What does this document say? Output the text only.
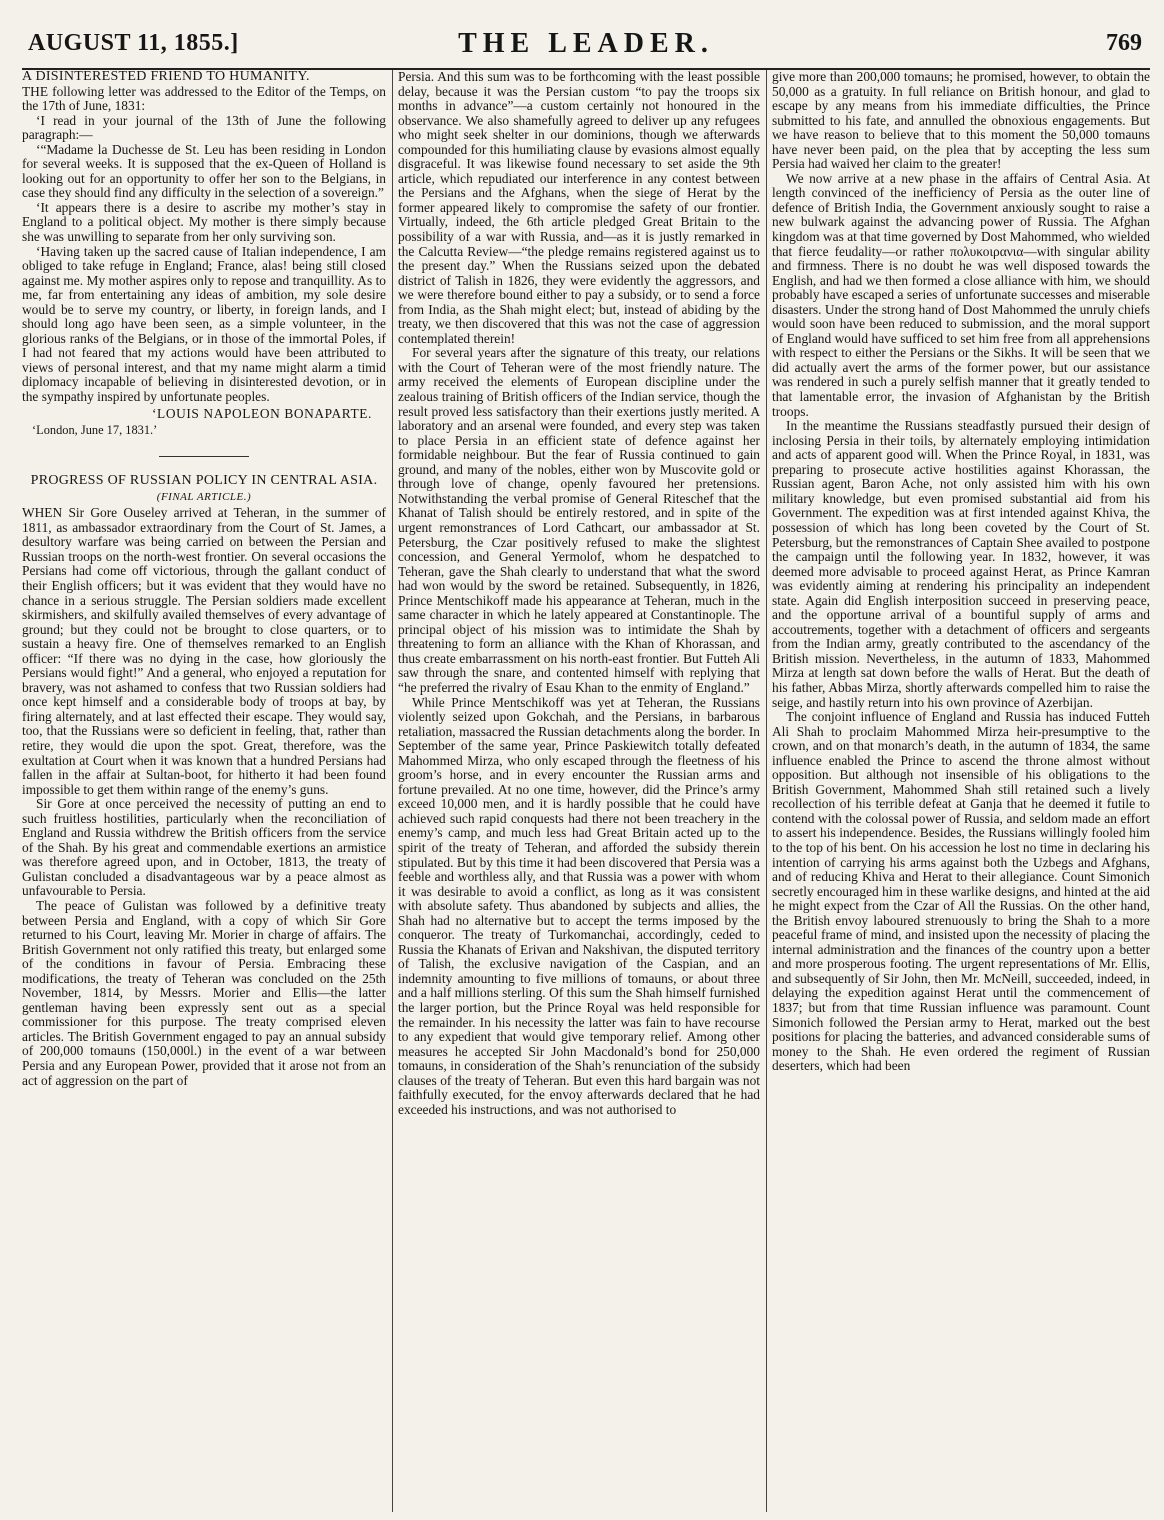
AUGUST 11, 1855.]	THE LEADER.	769

A DISINTERESTED FRIEND TO HUMANITY.

THE following letter was addressed to the Editor of the Temps, on the 17th of June, 1831:

‘I read in your journal of the 13th of June the following paragraph:—

‘“Madame la Duchesse de St. Leu has been residing in London for several weeks. It is supposed that the ex-Queen of Holland is looking out for an opportunity to offer her son to the Belgians, in case they should find any difficulty in the selection of a sovereign.”

‘It appears there is a desire to ascribe my mother’s stay in England to a political object. My mother is there simply because she was unwilling to separate from her only surviving son.

‘Having taken up the sacred cause of Italian independence, I am obliged to take refuge in England; France, alas! being still closed against me. My mother aspires only to repose and tranquillity. As to me, far from entertaining any ideas of ambition, my sole desire would be to serve my country, or liberty, in foreign lands, and I should long ago have been seen, as a simple volunteer, in the glorious ranks of the Belgians, or in those of the immortal Poles, if I had not feared that my actions would have been attributed to views of personal interest, and that my name might alarm a timid diplomacy incapable of believing in disinterested devotion, or in the sympathy inspired by unfortunate peoples.

‘LOUIS NAPOLEON BONAPARTE.

‘London, June 17, 1831.’

PROGRESS OF RUSSIAN POLICY IN CENTRAL ASIA.

(FINAL ARTICLE.)

WHEN Sir Gore Ouseley arrived at Teheran, in the summer of 1811, as ambassador extraordinary from the Court of St. James, a desultory warfare was being carried on between the Persian and Russian troops on the north-west frontier. On several occasions the Persians had come off victorious, through the gallant conduct of their English officers; but it was evident that they would have no chance in a serious struggle. The Persian soldiers made excellent skirmishers, and skilfully availed themselves of every advantage of ground; but they could not be brought to close quarters, or to sustain a heavy fire. One of themselves remarked to an English officer: “If there was no dying in the case, how gloriously the Persians would fight!” And a general, who enjoyed a reputation for bravery, was not ashamed to confess that two Russian soldiers had once kept himself and a considerable body of troops at bay, by firing alternately, and at last effected their escape. They would say, too, that the Russians were so deficient in feeling, that, rather than retire, they would die upon the spot. Great, therefore, was the exultation at Court when it was known that a hundred Persians had fallen in the affair at Sultan-boot, for hitherto it had been found impossible to get them within range of the enemy’s guns.

Sir Gore at once perceived the necessity of putting an end to such fruitless hostilities, particularly when the reconciliation of England and Russia withdrew the British officers from the service of the Shah. By his great and commendable exertions an armistice was therefore agreed upon, and in October, 1813, the treaty of Gulistan concluded a disadvantageous war by a peace almost as unfavourable to Persia.

The peace of Gulistan was followed by a definitive treaty between Persia and England, with a copy of which Sir Gore returned to his Court, leaving Mr. Morier in charge of affairs. The British Government not only ratified this treaty, but enlarged some of the conditions in favour of Persia. Embracing these modifications, the treaty of Teheran was concluded on the 25th November, 1814, by Messrs. Morier and Ellis—the latter gentleman having been expressly sent out as a special commissioner for this purpose. The treaty comprised eleven articles. The British Government engaged to pay an annual subsidy of 200,000 tomauns (150,000l.) in the event of a war between Persia and any European Power, provided that it arose not from an act of aggression on the part of

Persia. And this sum was to be forthcoming with the least possible delay, because it was the Persian custom “to pay the troops six months in advance”—a custom certainly not honoured in the observance. We also shamefully agreed to deliver up any refugees who might seek shelter in our dominions, though we afterwards compounded for this humiliating clause by evasions almost equally disgraceful. It was likewise found necessary to set aside the 9th article, which repudiated our interference in any contest between the Persians and the Afghans, when the siege of Herat by the former appeared likely to compromise the safety of our frontier. Virtually, indeed, the 6th article pledged Great Britain to the possibility of a war with Russia, and—as it is justly remarked in the Calcutta Review—“the pledge remains registered against us to the present day.” When the Russians seized upon the debated district of Talish in 1826, they were evidently the aggressors, and we were therefore bound either to pay a subsidy, or to send a force from India, as the Shah might elect; but, instead of abiding by the treaty, we then discovered that this was not the case of aggression contemplated therein!

For several years after the signature of this treaty, our relations with the Court of Teheran were of the most friendly nature. The army received the elements of European discipline under the zealous training of British officers of the Indian service, though the result proved less satisfactory than their exertions justly merited. A laboratory and an arsenal were founded, and every step was taken to place Persia in an efficient state of defence against her formidable neighbour. But the fear of Russia continued to gain ground, and many of the nobles, either won by Muscovite gold or through love of change, openly favoured her pretensions. Notwithstanding the verbal promise of General Riteschef that the Khanat of Talish should be entirely restored, and in spite of the urgent remonstrances of Lord Cathcart, our ambassador at St. Petersburg, the Czar positively refused to make the slightest concession, and General Yermolof, whom he despatched to Teheran, gave the Shah clearly to understand that what the sword had won would by the sword be retained. Subsequently, in 1826, Prince Mentschikoff made his appearance at Teheran, much in the same character in which he lately appeared at Constantinople. The principal object of his mission was to intimidate the Shah by threatening to form an alliance with the Khan of Khorassan, and thus create embarrassment on his north-east frontier. But Futteh Ali saw through the snare, and contented himself with replying that “he preferred the rivalry of Esau Khan to the enmity of England.”

While Prince Mentschikoff was yet at Teheran, the Russians violently seized upon Gokchah, and the Persians, in barbarous retaliation, massacred the Russian detachments along the border. In September of the same year, Prince Paskiewitch totally defeated Mahommed Mirza, who only escaped through the fleetness of his groom’s horse, and in every encounter the Russian arms and fortune prevailed. At no one time, however, did the Prince’s army exceed 10,000 men, and it is hardly possible that he could have achieved such rapid conquests had there not been treachery in the enemy’s camp, and much less had Great Britain acted up to the spirit of the treaty of Teheran, and afforded the subsidy therein stipulated. But by this time it had been discovered that Persia was a feeble and worthless ally, and that Russia was a power with whom it was desirable to avoid a conflict, as long as it was consistent with absolute safety. Thus abandoned by subjects and allies, the Shah had no alternative but to accept the terms imposed by the conqueror. The treaty of Turkomanchai, accordingly, ceded to Russia the Khanats of Erivan and Nakshivan, the disputed territory of Talish, the exclusive navigation of the Caspian, and an indemnity amounting to five millions of tomauns, or about three and a half millions sterling. Of this sum the Shah himself furnished the larger portion, but the Prince Royal was held responsible for the remainder. In his necessity the latter was fain to have recourse to any expedient that would give temporary relief. Among other measures he accepted Sir John Macdonald’s bond for 250,000 tomauns, in consideration of the Shah’s renunciation of the subsidy clauses of the treaty of Teheran. But even this hard bargain was not faithfully executed, for the envoy afterwards declared that he had exceeded his instructions, and was not authorised to

give more than 200,000 tomauns; he promised, however, to obtain the 50,000 as a gratuity. In full reliance on British honour, and glad to escape by any means from his immediate difficulties, the Prince submitted to his fate, and annulled the obnoxious engagements. But we have reason to believe that to this moment the 50,000 tomauns have never been paid, on the plea that by accepting the less sum Persia had waived her claim to the greater!

We now arrive at a new phase in the affairs of Central Asia. At length convinced of the inefficiency of Persia as the outer line of defence of British India, the Government anxiously sought to raise a new bulwark against the advancing power of Russia. The Afghan kingdom was at that time governed by Dost Mahommed, who wielded that fierce feudality—or rather πολυκοιρανια—with singular ability and firmness. There is no doubt he was well disposed towards the English, and had we then formed a close alliance with him, we should probably have escaped a series of unfortunate successes and miserable disasters. Under the strong hand of Dost Mahommed the unruly chiefs would soon have been reduced to submission, and the moral support of England would have sufficed to set him free from all apprehensions with respect to either the Persians or the Sikhs. It will be seen that we did actually avert the arms of the former power, but our assistance was rendered in such a purely selfish manner that it greatly tended to that lamentable error, the invasion of Afghanistan by the British troops.

In the meantime the Russians steadfastly pursued their design of inclosing Persia in their toils, by alternately employing intimidation and acts of apparent good will. When the Prince Royal, in 1831, was preparing to prosecute active hostilities against Khorassan, the Russian agent, Baron Ache, not only assisted him with his own military knowledge, but even promised substantial aid from his Government. The expedition was at first intended against Khiva, the possession of which has long been coveted by the Court of St. Petersburg, but the remonstrances of Captain Shee availed to postpone the campaign until the following year. In 1832, however, it was deemed more advisable to proceed against Herat, as Prince Kamran was evidently aiming at rendering his principality an independent state. Again did English interposition succeed in preserving peace, and the opportune arrival of a bountiful supply of arms and accoutrements, together with a detachment of officers and sergeants from the Indian army, greatly contributed to the ascendancy of the British mission. Nevertheless, in the autumn of 1833, Mahommed Mirza at length sat down before the walls of Herat. But the death of his father, Abbas Mirza, shortly afterwards compelled him to raise the seige, and hastily return into his own province of Azerbijan.

The conjoint influence of England and Russia has induced Futteh Ali Shah to proclaim Mahommed Mirza heir-presumptive to the crown, and on that monarch’s death, in the autumn of 1834, the same influence enabled the Prince to ascend the throne almost without opposition. But although not insensible of his obligations to the British Government, Mahommed Shah still retained such a lively recollection of his terrible defeat at Ganja that he deemed it futile to contend with the colossal power of Russia, and seldom made an effort to assert his independence. Besides, the Russians willingly fooled him to the top of his bent. On his accession he lost no time in declaring his intention of carrying his arms against both the Uzbegs and Afghans, and of reducing Khiva and Herat to their allegiance. Count Simonich secretly encouraged him in these warlike designs, and hinted at the aid he might expect from the Czar of All the Russias. On the other hand, the British envoy laboured strenuously to bring the Shah to a more peaceful frame of mind, and insisted upon the necessity of placing the internal administration and the finances of the country upon a better and more prosperous footing. The urgent representations of Mr. Ellis, and subsequently of Sir John, then Mr. McNeill, succeeded, indeed, in delaying the expedition against Herat until the commencement of 1837; but from that time Russian influence was paramount. Count Simonich followed the Persian army to Herat, marked out the best positions for placing the batteries, and advanced considerable sums of money to the Shah. He even ordered the regiment of Russian deserters, which had been
